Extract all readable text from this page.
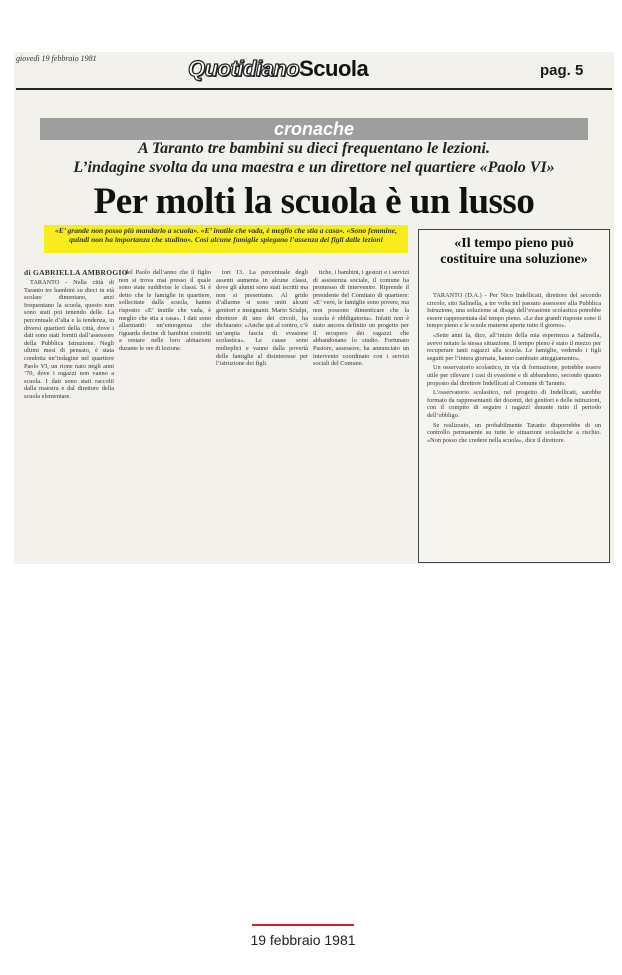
giovedì 19 febbraio 1981	QuotidianoScuola	pag. 5
cronache
A Taranto tre bambini su dieci frequentano le lezioni.
L’indagine svolta da una maestra e un direttore nel quartiere «Paolo VI»
Per molti la scuola è un lusso

«E’ grande non posso più mandarlo a scuola». «E’ inutile che vada, è meglio che stia a casa». «Sono femmine, quindi non ha importanza che studino». Così alcune famiglie spiegano l’assenza dei figli dalle lezioni

di GABRIELLA AMBROGIO

TARANTO - Nella città di Taranto tre bambini su dieci in età scolare dimentano, anzi frequentano la scuola, questo non sono stati poi tenendo delle. La percentuale d’alta e la tendenza, in diversi quartieri della città, dove i dati sono stati forniti dall’assessore della Pubblica Istruzione. Negli ultimi mesi di pensato, è stata condotta un’indagine nel quartiere Paolo VI, un rione nato negli anni ’70, dove i ragazzi non vanno a scuola. I dati sono stati raccolti dalla maestra e dal direttore della scuola elementare.

del Paolo dall’anno che il figlio non si trova mai presso il quale sono state suddivise le classi. Si è detto che le famiglie in quartiere, sollecitate dalla scuola, hanno risposto: «E’ inutile che vada, è meglio che stia a casa». I dati sono allarmanti: un’emergenza che riguarda decine di bambini costretti a restare nelle loro abitazioni durante le ore di lezione.

tori 13. La percentuale degli assenti aumenta in alcune classi, dove gli alunni sono stati iscritti ma non si presentano. Al grido d’allarme si sono uniti alcuni genitori e insegnanti. Mario Scialpi, direttore di uno dei circoli, ha dichiarato: «Anche qui al centro, c’è un’ampia fascia di evasione scolastica». Le cause sono molteplici e vanno dalla povertà delle famiglie al disinteresse per l’istruzione dei figli.

tiche, i bambini, i gestori e i servizi di assistenza sociale, il comune ha promesso di intervenire. Riprende il presidente del Comitato di quartiere: «E’ vero, le famiglie sono povere, ma non possono dimenticare che la scuola è obbligatoria». Infatti non è stato ancora definito un progetto per il recupero dei ragazzi che abbandonano lo studio. Fortunato Pastore, assessore, ha annunciato un intervento coordinato con i servizi sociali del Comune.

«Il tempo pieno può costituire una soluzione»

TARANTO (D.A.) - Per Nico Indellicati, direttore del secondo circolo, sito Salinella, a tre volte nel passato assessore alla Pubblica Istruzione, una soluzione ai disagi dell’evasione scolastica potrebbe essere rappresentata dal tempo pieno. «Le due grandi risposte sono il tempo pieno e le scuole materne aperte tutto il giorno».

«Sette anni fa, dice, all’inizio della mia esperienza a Salinella, avevo notato la stessa situazione. Il tempo pieno è stato il mezzo per recuperare tanti ragazzi alla scuola. Le famiglie, vedendo i figli seguiti per l’intera giornata, hanno cambiato atteggiamento».

Un osservatorio scolastico, in via di formazione, potrebbe essere utile per rilevare i casi di evasione e di abbandono, secondo quanto proposto dal direttore Indellicati al Comune di Taranto.

L’osservatorio scolastico, nel progetto di Indellicati, sarebbe formato da rappresentanti dei docenti, dei genitori e delle istituzioni, con il compito di seguire i ragazzi durante tutto il periodo dell’obbligo.

Se realizzato, un probabilmente Taranto disporrebbe di un controllo permanente su tutte le situazioni scolastiche a rischio. «Non posso che credere nella scuola», dice il direttore.

19 febbraio 1981
